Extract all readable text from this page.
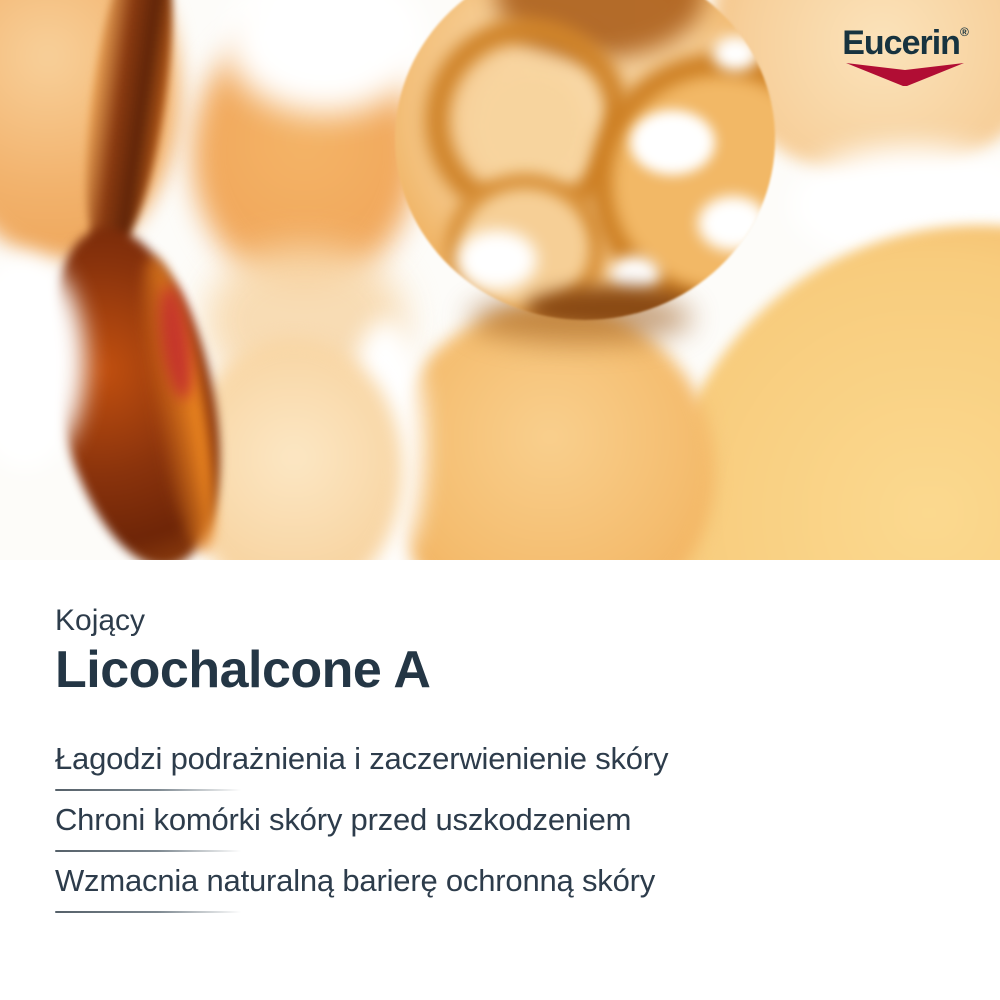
Eucerin®
Kojący
Licochalcone A

Łagodzi podrażnienia i zaczerwienienie skóry

Chroni komórki skóry przed uszkodzeniem

Wzmacnia naturalną barierę ochronną skóry
